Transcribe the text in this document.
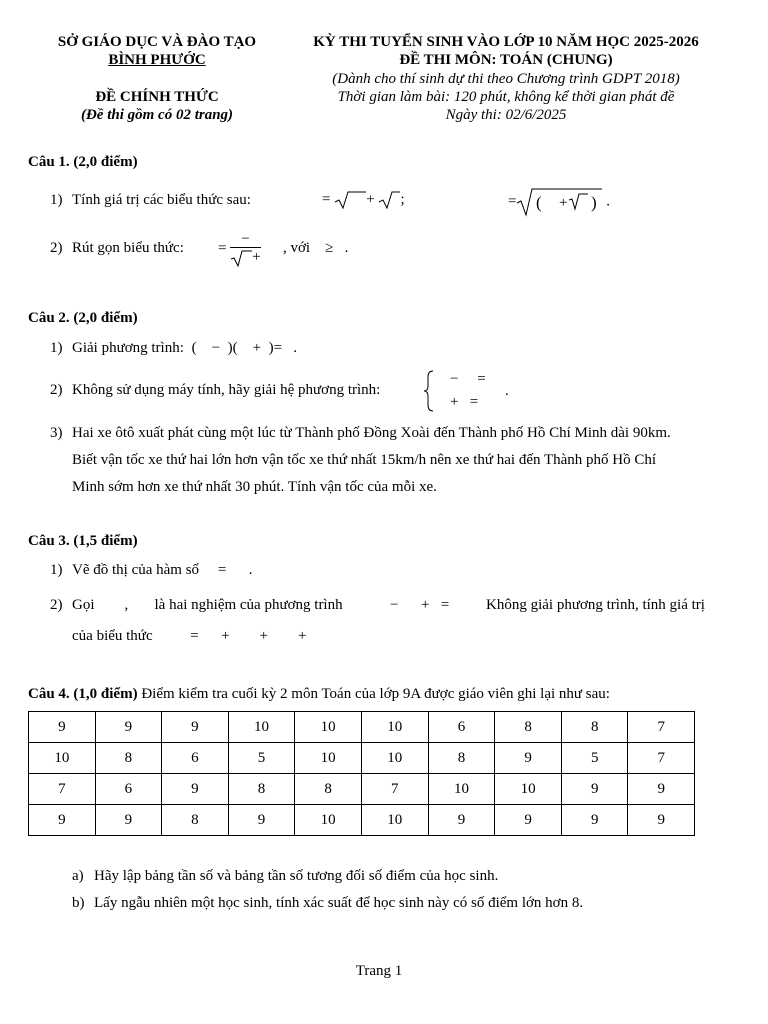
SỞ GIÁO DỤC VÀ ĐÀO TẠO
BÌNH PHƯỚC
ĐỀ CHÍNH THỨC
(Đề thi gồm có 02 trang)
KỲ THI TUYỂN SINH VÀO LỚP 10 NĂM HỌC 2025-2026
ĐỀ THI MÔN: TOÁN (CHUNG)
(Dành cho thí sinh dự thi theo Chương trình GDPT 2018)
Thời gian làm bài: 120 phút, không kể thời gian phát đề
Ngày thi: 02/6/2025
Câu 1. (2,0 điểm)
1) Tính giá trị các biểu thức sau:	= + ;	= ( + ) .
2) Rút gọn biểu thức: = $\frac{-}{+}$ , với ≥ .
Câu 2. (2,0 điểm)
1) Giải phương trình: ( − )( + )= .
2) Không sử dụng máy tính, hãy giải hệ phương trình:
− =
+ =
.
3) Hai xe ôtô xuất phát cùng một lúc từ Thành phố Đồng Xoài đến Thành phố Hồ Chí Minh dài 90km.
Biết vận tốc xe thứ hai lớn hơn vận tốc xe thứ nhất 15km/h nên xe thứ hai đến Thành phố Hồ Chí
Minh sớm hơn xe thứ nhất 30 phút. Tính vận tốc của mỗi xe.
Câu 3. (1,5 điểm)
1) Vẽ đồ thị của hàm số = .
2) Gọi , là hai nghiệm của phương trình	− + = Không giải phương trình, tính giá trị
của biểu thức	= + + +
Câu 4. (1,0 điểm) Điểm kiểm tra cuối kỳ 2 môn Toán của lớp 9A được giáo viên ghi lại như sau:
9	9	9	10	10	10	6	8	8	7
10	8	6	5	10	10	8	9	5	7
7	6	9	8	8	7	10	10	9	9
9	9	8	9	10	10	9	9	9	9
a) Hãy lập bảng tần số và bảng tần số tương đối số điểm của học sinh.
b) Lấy ngẫu nhiên một học sinh, tính xác suất để học sinh này có số điểm lớn hơn 8.
Trang 1
